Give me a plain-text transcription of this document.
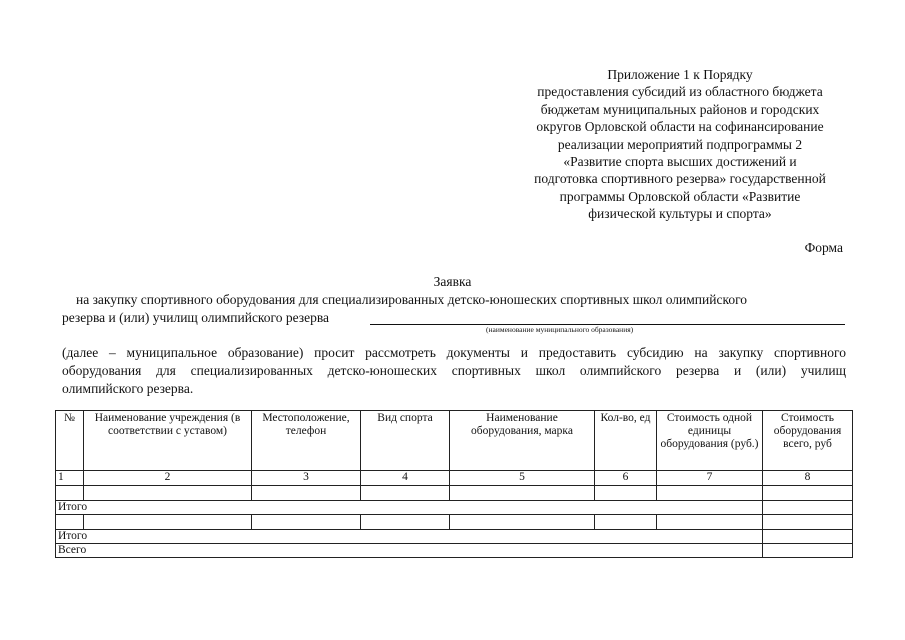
Приложение 1 к Порядку
предоставления субсидий из областного бюджета
бюджетам муниципальных районов и городских
округов Орловской области на софинансирование
реализации мероприятий подпрограммы 2
«Развитие спорта высших достижений и
подготовка спортивного резерва» государственной
программы Орловской области «Развитие
физической культуры и спорта»
Форма
Заявка
на закупку спортивного оборудования для специализированных детско-юношеских спортивных школ олимпийского
резерва и (или) училищ олимпийского резерва
(наименование муниципального образования)
(далее – муниципальное образование) просит рассмотреть документы и предоставить субсидию на закупку спортивного
оборудования для специализированных детско-юношеских спортивных школ олимпийского резерва и (или) училищ
олимпийского резерва.
№	Наименование учреждения (в соответствии с уставом)	Местоположение, телефон	Вид спорта	Наименование оборудования, марка	Кол-во, ед	Стоимость одной единицы оборудования (руб.)	Стоимость оборудования всего, руб
1	2	3	4	5	6	7	8

Итого							

Итого							
Всего							
